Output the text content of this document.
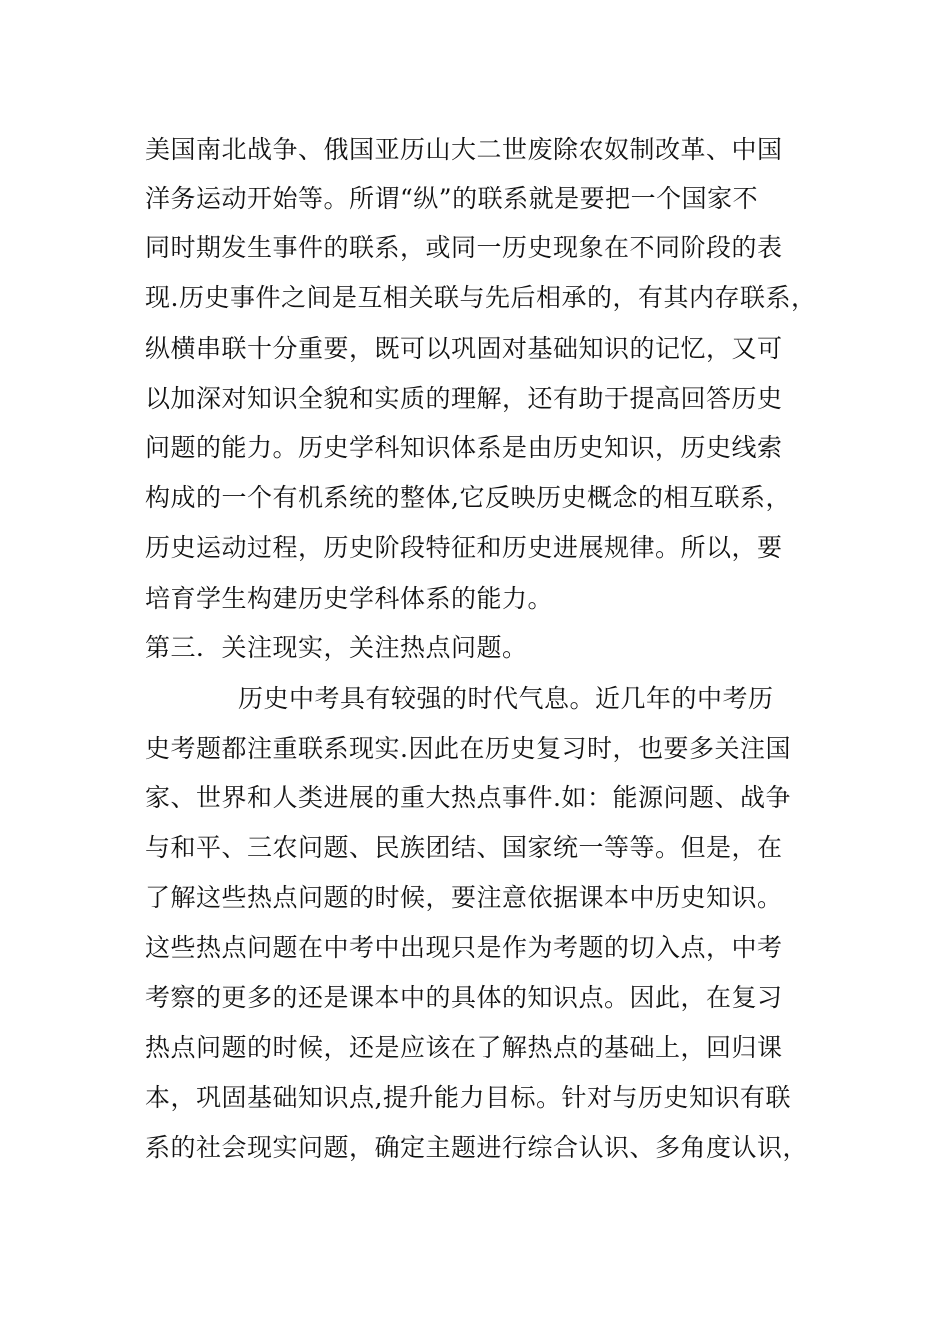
美国南北战争、俄国亚历山大二世废除农奴制改革、中国
洋务运动开始等。所谓“纵”的联系就是要把一个国家不
同时期发生事件的联系，或同一历史现象在不同阶段的表
现.历史事件之间是互相关联与先后相承的，有其内存联系，
纵横串联十分重要，既可以巩固对基础知识的记忆，又可
以加深对知识全貌和实质的理解，还有助于提高回答历史
问题的能力。历史学科知识体系是由历史知识，历史线索
构成的一个有机系统的整体,它反映历史概念的相互联系，
历史运动过程，历史阶段特征和历史进展规律。所以，要
培育学生构建历史学科体系的能力。
第三．关注现实，关注热点问题。
历史中考具有较强的时代气息。近几年的中考历
史考题都注重联系现实.因此在历史复习时，也要多关注国
家、世界和人类进展的重大热点事件.如：能源问题、战争
与和平、三农问题、民族团结、国家统一等等。但是，在
了解这些热点问题的时候，要注意依据课本中历史知识。
这些热点问题在中考中出现只是作为考题的切入点，中考
考察的更多的还是课本中的具体的知识点。因此，在复习
热点问题的时候，还是应该在了解热点的基础上，回归课
本，巩固基础知识点,提升能力目标。针对与历史知识有联
系的社会现实问题，确定主题进行综合认识、多角度认识，
